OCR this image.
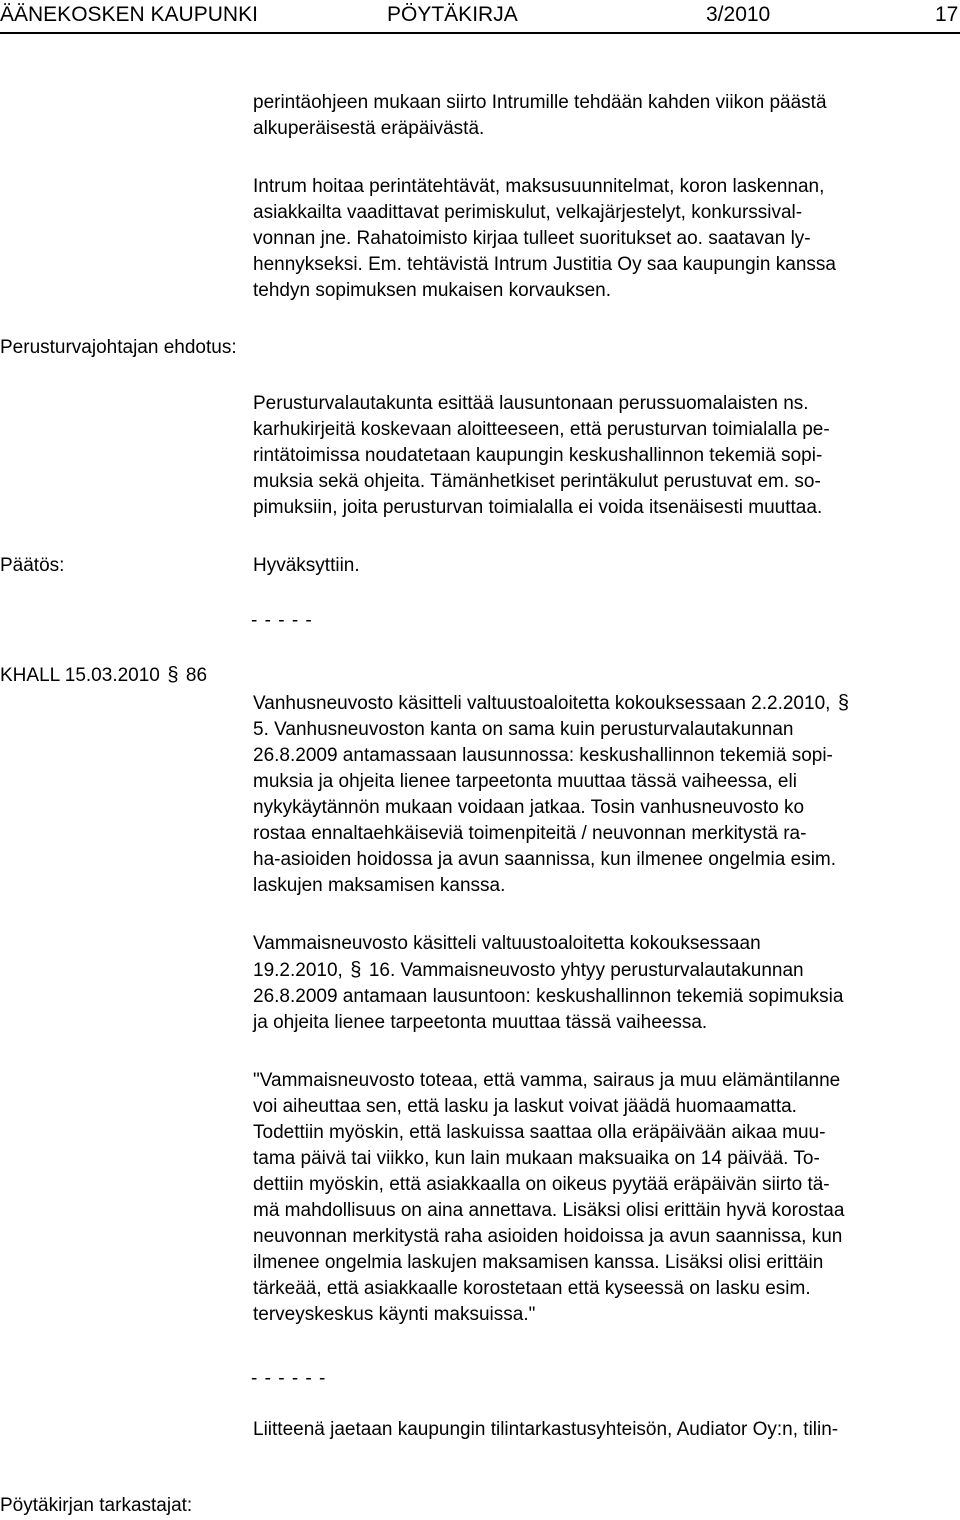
ÄÄNEKOSKEN KAUPUNKI	PÖYTÄKIRJA	3/2010	17
perintäohjeen mukaan siirto Intrumille tehdään kahden viikon päästä
alkuperäisestä eräpäivästä.
Intrum hoitaa perintätehtävät, maksusuunnitelmat, koron laskennan,
asiakkailta vaadittavat perimiskulut, velkajärjestelyt, konkurssival-
vonnan jne. Rahatoimisto kirjaa tulleet suoritukset ao. saatavan ly-
hennykseksi. Em. tehtävistä Intrum Justitia Oy saa kaupungin kanssa
tehdyn sopimuksen mukaisen korvauksen.
Perusturvajohtajan ehdotus:
Perusturvalautakunta esittää lausuntonaan perussuomalaisten ns.
karhukirjeitä koskevaan aloitteeseen, että perusturvan toimialalla pe-
rintätoimissa noudatetaan kaupungin keskushallinnon tekemiä sopi-
muksia sekä ohjeita. Tämänhetkiset perintäkulut perustuvat em. so-
pimuksiin, joita perusturvan toimialalla ei voida itsenäisesti muuttaa.
Päätös:	Hyväksyttiin.
- - - - -
KHALL 15.03.2010 § 86
Vanhusneuvosto käsitteli valtuustoaloitetta kokouksessaan 2.2.2010, §
5. Vanhusneuvoston kanta on sama kuin perusturvalautakunnan
26.8.2009 antamassaan lausunnossa: keskushallinnon tekemiä sopi-
muksia ja ohjeita lienee tarpeetonta muuttaa tässä vaiheessa, eli
nykykäytännön mukaan voidaan jatkaa. Tosin vanhusneuvosto ko
rostaa ennaltaehkäiseviä toimenpiteitä / neuvonnan merkitystä ra-
ha-asioiden hoidossa ja avun saannissa, kun ilmenee ongelmia esim.
laskujen maksamisen kanssa.
Vammaisneuvosto käsitteli valtuustoaloitetta kokouksessaan
19.2.2010, § 16. Vammaisneuvosto yhtyy perusturvalautakunnan
26.8.2009 antamaan lausuntoon: keskushallinnon tekemiä sopimuksia
ja ohjeita lienee tarpeetonta muuttaa tässä vaiheessa.
"Vammaisneuvosto toteaa, että vamma, sairaus ja muu elämäntilanne
voi aiheuttaa sen, että lasku ja laskut voivat jäädä huomaamatta.
Todettiin myöskin, että laskuissa saattaa olla eräpäivään aikaa muu-
tama päivä tai viikko, kun lain mukaan maksuaika on 14 päivää. To-
dettiin myöskin, että asiakkaalla on oikeus pyytää eräpäivän siirto tä-
mä mahdollisuus on aina annettava. Lisäksi olisi erittäin hyvä korostaa
neuvonnan merkitystä raha asioiden hoidoissa ja avun saannissa, kun
ilmenee ongelmia laskujen maksamisen kanssa. Lisäksi olisi erittäin
tärkeää, että asiakkaalle korostetaan että kyseessä on lasku esim.
terveyskeskus käynti maksuissa."
- - - - - -
Liitteenä jaetaan kaupungin tilintarkastusyhteisön, Audiator Oy:n, tilin-
Pöytäkirjan tarkastajat:
